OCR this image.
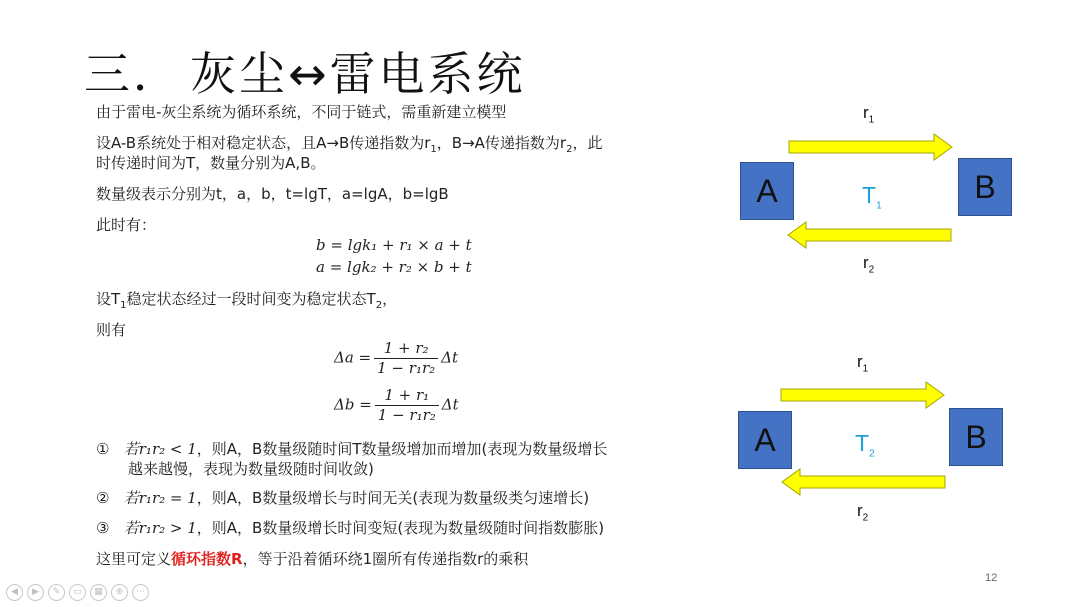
三． 灰尘↔雷电系统
由于雷电-灰尘系统为循环系统，不同于链式，需重新建立模型
设A-B系统处于相对稳定状态，且A→B传递指数为$r_1$，B→A传递指数为$r_2$，此
时传递时间为T，数量分别为A,B。
数量级表示分别为t，a，b，t=lgT，a=lgA，b=lgB
此时有：
b = lgk₁ + r₁ × a + t
a = lgk₂ + r₂ × b + t
设$T_1$稳定状态经过一段时间变为稳定状态$T_2$，
则有
$\Delta a = \frac{\text{1 + r₂}}{\text{1 − r₁r₂}}$ Δt
$\Delta b = \frac{\text{1 + r₁}}{\text{1 − r₁r₂}}$ Δt
① 若r₁r₂ < 1，则A，B数量级随时间T数量级增加而增加(表现为数量级增长
越来越慢，表现为数量级随时间收敛)
② 若r₁r₂ = 1，则A，B数量级增长与时间无关(表现为数量级类匀速增长)
③ 若r₁r₂ > 1，则A，B数量级增长时间变短(表现为数量级随时间指数膨胀)
这里可定义循环指数R，等于沿着循环绕1圈所有传递指数r的乘积
$r_1$
A	B
$T_1$
$r_2$
$r_1$
A	B
$T_2$
$r_2$
12
◀	▶	✎	▭	▦	⊕	⋯
